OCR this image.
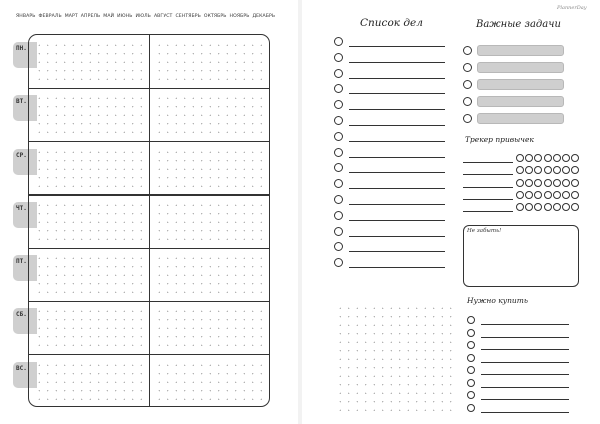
ЯНВАРЬ ФЕВРАЛЬ МАРТ АПРЕЛЬ МАЙ ИЮНЬ ИЮЛЬ АВГУСТ СЕНТЯБРЬ ОКТЯБРЬ НОЯБРЬ ДЕКАБРЬ
ПН.
ВТ.
СР.
ЧТ.
ПТ.
СБ.
ВС.
PlannerDay
Список дел	Важные задачи
Трекер привычек
Не забыть!
Нужно купить
